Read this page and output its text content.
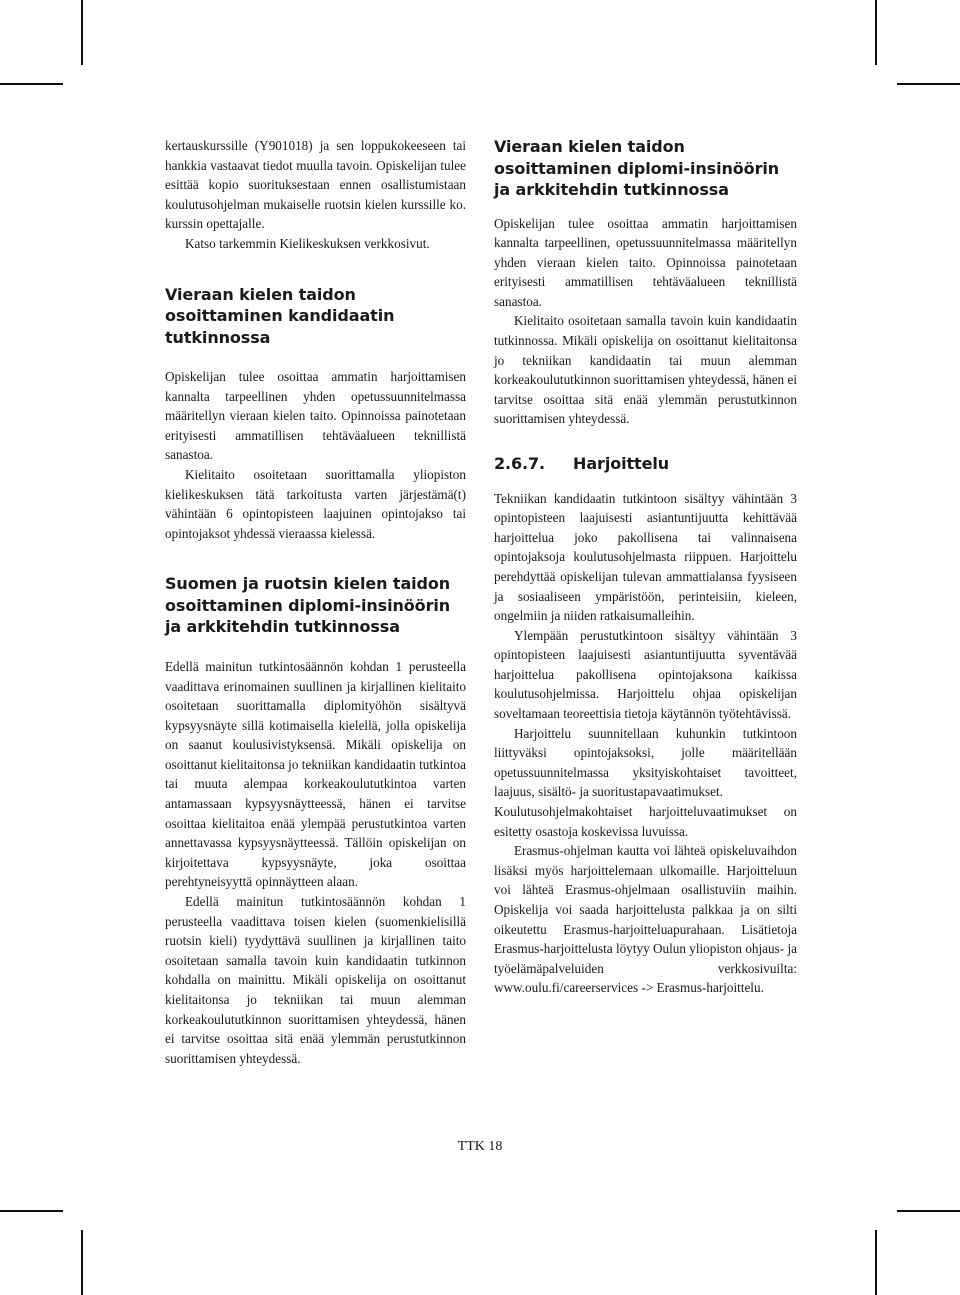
kertauskurssille (Y901018) ja sen loppukokeeseen tai hankkia vastaavat tiedot muulla tavoin. Opiskelijan tulee esittää kopio suorituksestaan ennen osallistumistaan koulutusohjelman mukaiselle ruotsin kielen kurssille ko. kurssin opettajalle.

Katso tarkemmin Kielikeskuksen verkkosivut.

Vieraan kielen taidon osoittaminen kandidaatin tutkinnossa

Opiskelijan tulee osoittaa ammatin harjoittamisen kannalta tarpeellinen yhden opetussuunnitelmassa määritellyn vieraan kielen taito. Opinnoissa painotetaan erityisesti ammatillisen tehtäväalueen teknillistä sanastoa.

Kielitaito osoitetaan suorittamalla yliopiston kielikeskuksen tätä tarkoitusta varten järjestämä(t) vähintään 6 opintopisteen laajuinen opintojakso tai opintojaksot yhdessä vieraassa kielessä.

Suomen ja ruotsin kielen taidon osoittaminen diplomi-insinöörin ja arkkitehdin tutkinnossa

Edellä mainitun tutkintosäännön kohdan 1 perusteella vaadittava erinomainen suullinen ja kirjallinen kielitaito osoitetaan suorittamalla diplomityöhön sisältyvä kypsyysnäyte sillä kotimaisella kielellä, jolla opiskelija on saanut koulusivistyksensä. Mikäli opiskelija on osoittanut kielitaitonsa jo tekniikan kandidaatin tutkintoa tai muuta alempaa korkeakoulututkintoa varten antamassaan kypsyysnäytteessä, hänen ei tarvitse osoittaa kielitaitoa enää ylempää perustutkintoa varten annettavassa kypsyysnäytteessä. Tällöin opiskelijan on kirjoitettava kypsyysnäyte, joka osoittaa perehtyneisyyttä opinnäytteen alaan.

Edellä mainitun tutkintosäännön kohdan 1 perusteella vaadittava toisen kielen (suomenkielisillä ruotsin kieli) tyydyttävä suullinen ja kirjallinen taito osoitetaan samalla tavoin kuin kandidaatin tutkinnon kohdalla on mainittu. Mikäli opiskelija on osoittanut kielitaitonsa jo tekniikan tai muun alemman korkeakoulututkinnon suorittamisen yhteydessä, hänen ei tarvitse osoittaa sitä enää ylemmän perustutkinnon suorittamisen yhteydessä.

Vieraan kielen taidon osoittaminen diplomi-insinöörin ja arkkitehdin tutkinnossa

Opiskelijan tulee osoittaa ammatin harjoittamisen kannalta tarpeellinen, opetussuunnitelmassa määritellyn yhden vieraan kielen taito. Opinnoissa painotetaan erityisesti ammatillisen tehtäväalueen teknillistä sanastoa.

Kielitaito osoitetaan samalla tavoin kuin kandidaatin tutkinnossa. Mikäli opiskelija on osoittanut kielitaitonsa jo tekniikan kandidaatin tai muun alemman korkeakoulututkinnon suorittamisen yhteydessä, hänen ei tarvitse osoittaa sitä enää ylemmän perustutkinnon suorittamisen yhteydessä.

2.6.7. Harjoittelu

Tekniikan kandidaatin tutkintoon sisältyy vähintään 3 opintopisteen laajuisesti asiantuntijuutta kehittävää harjoittelua joko pakollisena tai valinnaisena opintojaksoja koulutusohjelmasta riippuen. Harjoittelu perehdyttää opiskelijan tulevan ammattialansa fyysiseen ja sosiaaliseen ympäristöön, perinteisiin, kieleen, ongelmiin ja niiden ratkaisumalleihin.

Ylempään perustutkintoon sisältyy vähintään 3 opintopisteen laajuisesti asiantuntijuutta syventävää harjoittelua pakollisena opintojaksona kaikissa koulutusohjelmissa. Harjoittelu ohjaa opiskelijan soveltamaan teoreettisia tietoja käytännön työtehtävissä.

Harjoittelu suunnitellaan kuhunkin tutkintoon liittyväksi opintojaksoksi, jolle määritellään opetussuunnitelmassa yksityiskohtaiset tavoitteet, laajuus, sisältö- ja suoritustapavaatimukset.

Koulutusohjelmakohtaiset harjoitteluvaatimukset on esitetty osastoja koskevissa luvuissa.

Erasmus-ohjelman kautta voi lähteä opiskeluvaihdon lisäksi myös harjoittelemaan ulkomaille. Harjoitteluun voi lähteä Erasmus-ohjelmaan osallistuviin maihin. Opiskelija voi saada harjoittelusta palkkaa ja on silti oikeutettu Erasmus-harjoitteluapurahaan. Lisätietoja Erasmus-harjoittelusta löytyy Oulun yliopiston ohjaus- ja työelämäpalveluiden verkkosivuilta: www.oulu.fi/careerservices -> Erasmus-harjoittelu.

TTK 18
